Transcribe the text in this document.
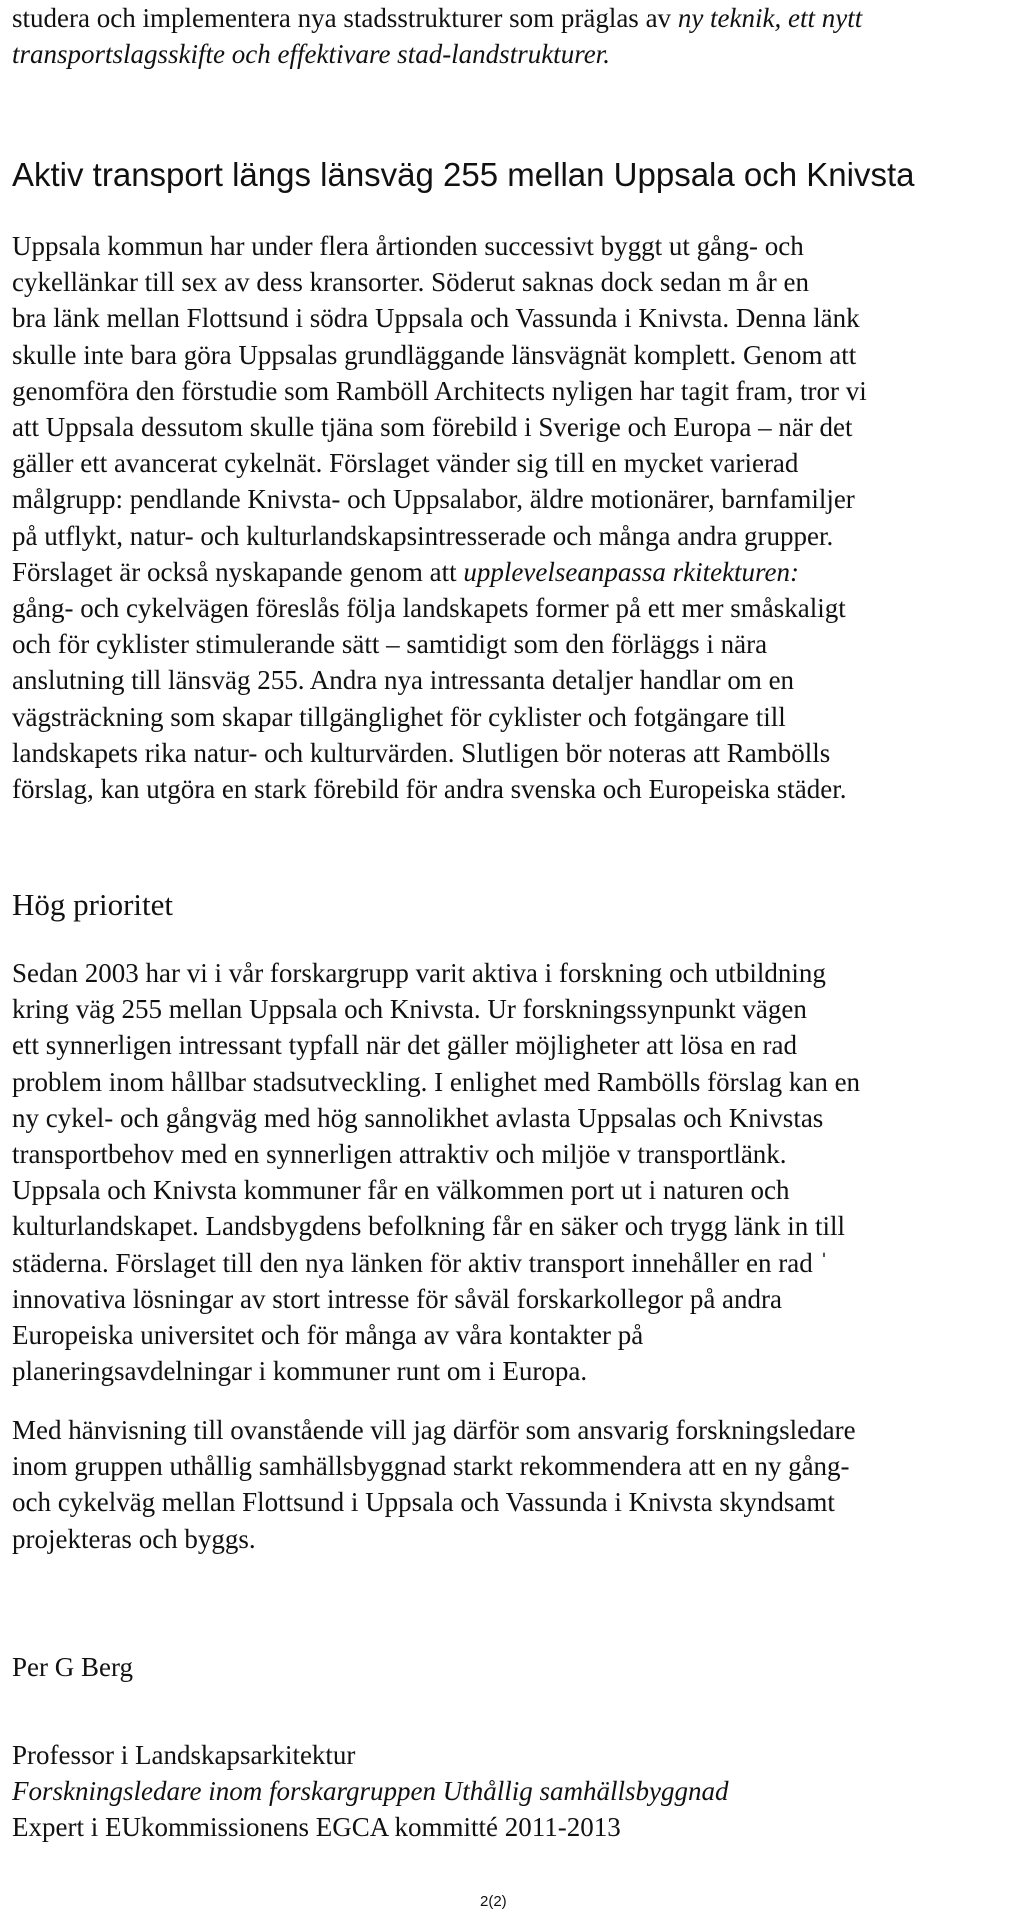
studera och implementera nya stadsstrukturer som präglas av ny teknik, ett nytt
transportslagsskifte och effektivare stad-landstrukturer.
Aktiv transport längs länsväg 255 mellan Uppsala och Knivsta
Uppsala kommun har under flera årtionden successivt byggt ut gång- och
cykellänkar till sex av dess kransorter. Söderut saknas dock sedan m år en
bra länk mellan Flottsund i södra Uppsala och Vassunda i Knivsta. Denna länk
skulle inte bara göra Uppsalas grundläggande länsvägnät komplett. Genom att
genomföra den förstudie som Ramböll Architects nyligen har tagit fram, tror vi
att Uppsala dessutom skulle tjäna som förebild i Sverige och Europa – när det
gäller ett avancerat cykelnät. Förslaget vänder sig till en mycket varierad
målgrupp: pendlande Knivsta- och Uppsalabor, äldre motionärer, barnfamiljer
på utflykt, natur- och kulturlandskapsintresserade och många andra grupper.
Förslaget är också nyskapande genom att upplevelseanpassa rkitekturen:
gång- och cykelvägen föreslås följa landskapets former på ett mer småskaligt
och för cyklister stimulerande sätt – samtidigt som den förläggs i nära
anslutning till länsväg 255. Andra nya intressanta detaljer handlar om en
vägsträckning som skapar tillgänglighet för cyklister och fotgängare till
landskapets rika natur- och kulturvärden. Slutligen bör noteras att Rambölls
förslag, kan utgöra en stark förebild för andra svenska och Europeiska städer.
Hög prioritet
Sedan 2003 har vi i vår forskargrupp varit aktiva i forskning och utbildning
kring väg 255 mellan Uppsala och Knivsta. Ur forskningssynpunkt vägen
ett synnerligen intressant typfall när det gäller möjligheter att lösa en rad
problem inom hållbar stadsutveckling. I enlighet med Rambölls förslag kan en
ny cykel- och gångväg med hög sannolikhet avlasta Uppsalas och Knivstas
transportbehov med en synnerligen attraktiv och miljöe v transportlänk.
Uppsala och Knivsta kommuner får en välkommen port ut i naturen och
kulturlandskapet. Landsbygdens befolkning får en säker och trygg länk in till
städerna. Förslaget till den nya länken för aktiv transport innehåller en rad ˈ
innovativa lösningar av stort intresse för såväl forskarkollegor på andra
Europeiska universitet och för många av våra kontakter på
planeringsavdelningar i kommuner runt om i Europa.
Med hänvisning till ovanstående vill jag därför som ansvarig forskningsledare
inom gruppen uthållig samhällsbyggnad starkt rekommendera att en ny gång-
och cykelväg mellan Flottsund i Uppsala och Vassunda i Knivsta skyndsamt
projekteras och byggs.
Per G Berg
Professor i Landskapsarkitektur
Forskningsledare inom forskargruppen Uthållig samhällsbyggnad
Expert i EUkommissionens EGCA kommitté 2011-2013
2(2)
